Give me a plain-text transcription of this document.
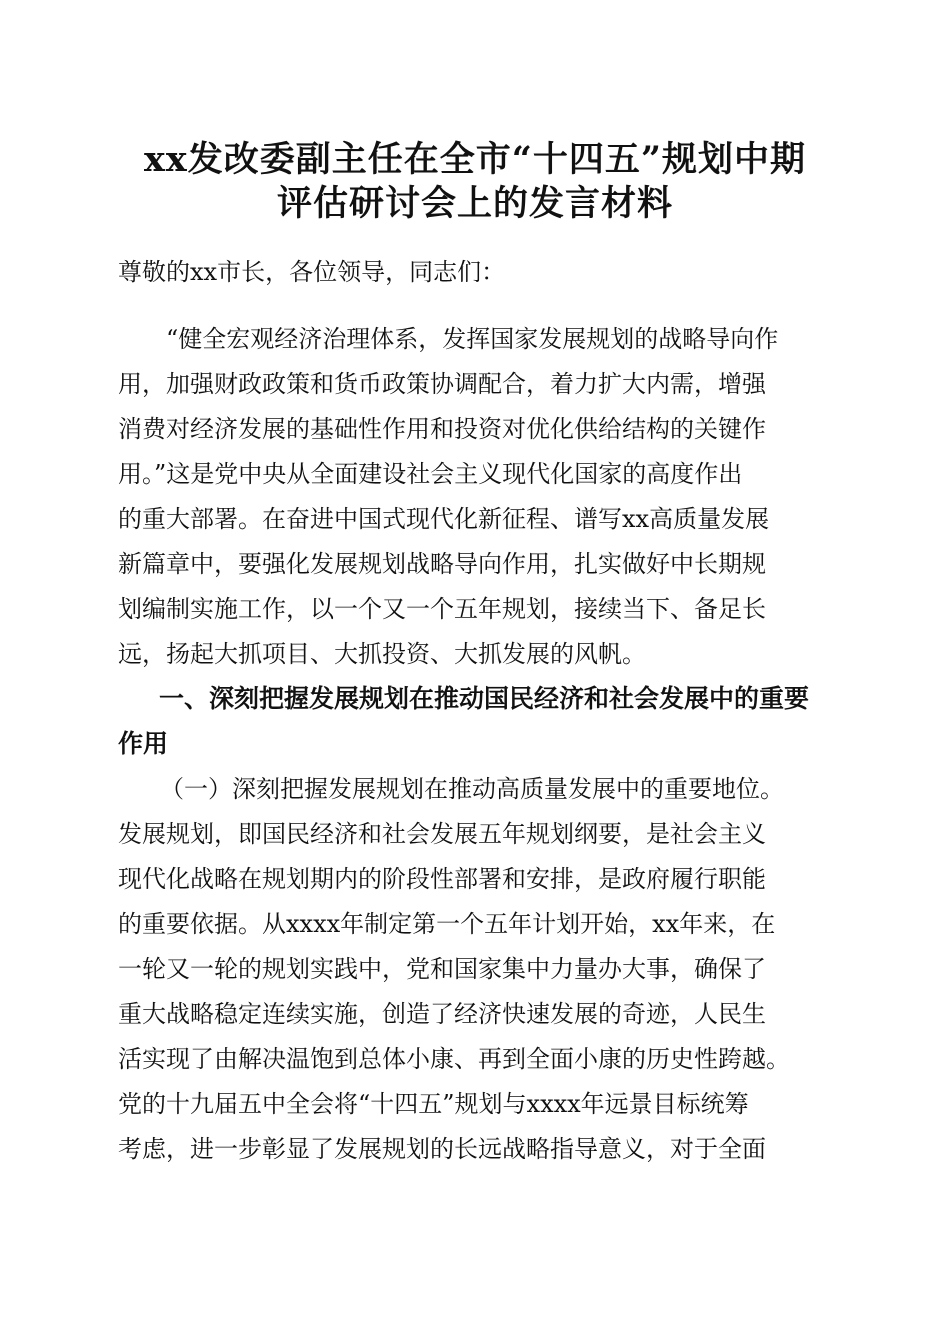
xx发改委副主任在全市“十四五”规划中期
评估研讨会上的发言材料
尊敬的xx市长，各位领导，同志们：
“健全宏观经济治理体系，发挥国家发展规划的战略导向作
用，加强财政政策和货币政策协调配合，着力扩大内需，增强
消费对经济发展的基础性作用和投资对优化供给结构的关键作
用。”这是党中央从全面建设社会主义现代化国家的高度作出
的重大部署。在奋进中国式现代化新征程、谱写xx高质量发展
新篇章中，要强化发展规划战略导向作用，扎实做好中长期规
划编制实施工作，以一个又一个五年规划，接续当下、备足长
远，扬起大抓项目、大抓投资、大抓发展的风帆。
一、深刻把握发展规划在推动国民经济和社会发展中的重要
作用
（一）深刻把握发展规划在推动高质量发展中的重要地位。
发展规划，即国民经济和社会发展五年规划纲要，是社会主义
现代化战略在规划期内的阶段性部署和安排，是政府履行职能
的重要依据。从xxxx年制定第一个五年计划开始，xx年来，在
一轮又一轮的规划实践中，党和国家集中力量办大事，确保了
重大战略稳定连续实施，创造了经济快速发展的奇迹，人民生
活实现了由解决温饱到总体小康、再到全面小康的历史性跨越。
党的十九届五中全会将“十四五”规划与xxxx年远景目标统筹
考虑，进一步彰显了发展规划的长远战略指导意义，对于全面
